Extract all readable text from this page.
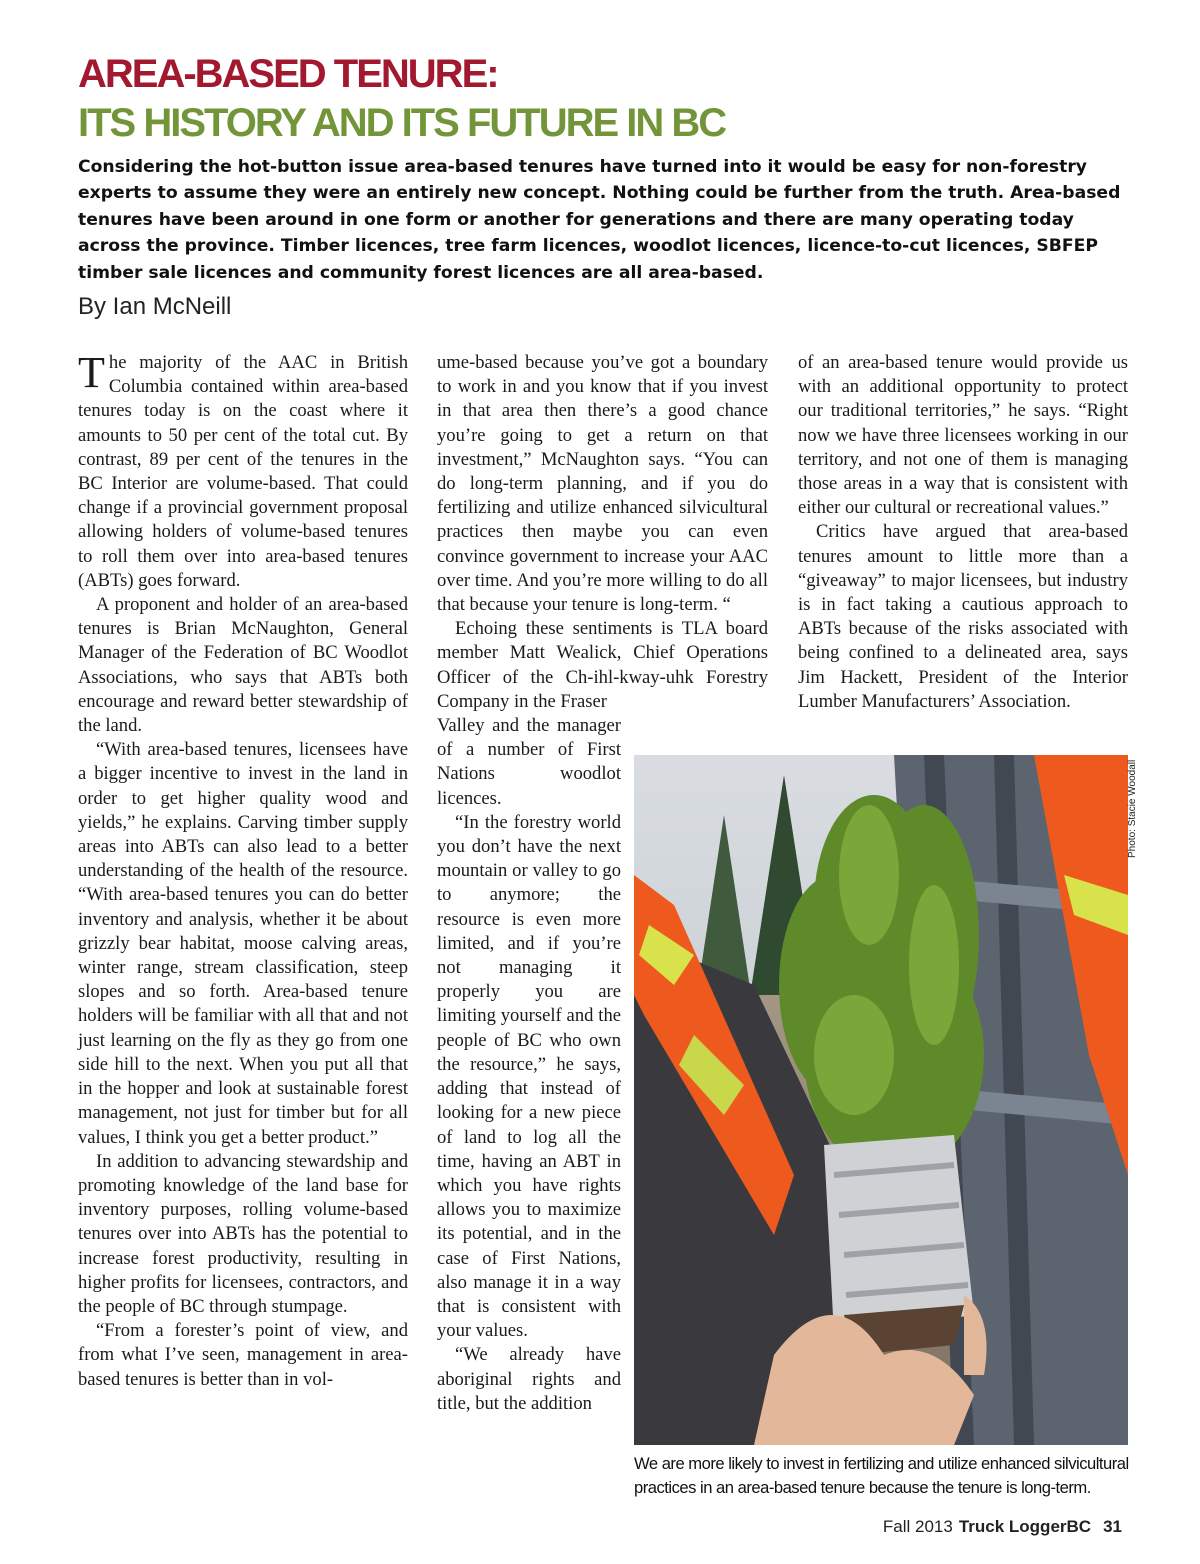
AREA-BASED TENURE:
ITS HISTORY AND ITS FUTURE IN BC

Considering the hot-button issue area-based tenures have turned into it would be easy for non-forestry experts to assume they were an entirely new concept. Nothing could be further from the truth. Area-based tenures have been around in one form or another for generations and there are many operating today across the province. Timber licences, tree farm licences, woodlot licences, licence-to-cut licences, SBFEP timber sale licences and community forest licences are all area-based.

By Ian McNeill

The majority of the AAC in British Columbia contained within area-based tenures today is on the coast where it amounts to 50 per cent of the total cut. By contrast, 89 per cent of the tenures in the BC Interior are volume-based. That could change if a provincial government proposal allowing holders of volume-based tenures to roll them over into area-based tenures (ABTs) goes forward.

A proponent and holder of an area-based tenures is Brian McNaughton, General Manager of the Federation of BC Woodlot Associations, who says that ABTs both encourage and reward better stewardship of the land.

“With area-based tenures, licensees have a bigger incentive to invest in the land in order to get higher quality wood and yields,” he explains. Carving timber supply areas into ABTs can also lead to a better understanding of the health of the resource. “With area-based tenures you can do better inventory and analysis, whether it be about grizzly bear habitat, moose calving areas, winter range, stream classification, steep slopes and so forth. Area-based tenure holders will be familiar with all that and not just learning on the fly as they go from one side hill to the next. When you put all that in the hopper and look at sustainable forest management, not just for timber but for all values, I think you get a better product.”

In addition to advancing stewardship and promoting knowledge of the land base for inventory purposes, rolling volume-based tenures over into ABTs has the potential to increase forest productivity, resulting in higher profits for licensees, contractors, and the people of BC through stumpage.

“From a forester’s point of view, and from what I’ve seen, management in area-based tenures is better than in vol-

ume-based because you’ve got a boundary to work in and you know that if you invest in that area then there’s a good chance you’re going to get a return on that investment,” McNaughton says. “You can do long-term planning, and if you do fertilizing and utilize enhanced silvicultural practices then maybe you can even convince government to increase your AAC over time. And you’re more willing to do all that because your tenure is long-term. “

Echoing these sentiments is TLA board member Matt Wealick, Chief Operations Officer of the Ch-ihl-kway-uhk Forestry Company in the Fraser

Valley and the manager of a number of First Nations woodlot licences.

“In the forestry world you don’t have the next mountain or valley to go to anymore; the resource is even more limited, and if you’re not managing it properly you are limiting yourself and the people of BC who own the resource,” he says, adding that instead of looking for a new piece of land to log all the time, having an ABT in which you have rights allows you to maximize its potential, and in the case of First Nations, also manage it in a way that is consistent with your values.

“We already have aboriginal rights and title, but the addition

of an area-based tenure would provide us with an additional opportunity to protect our traditional territories,” he says. “Right now we have three licensees working in our territory, and not one of them is managing those areas in a way that is consistent with either our cultural or recreational values.”

Critics have argued that area-based tenures amount to little more than a “giveaway” to major licensees, but industry is in fact taking a cautious approach to ABTs because of the risks associated with being confined to a delineated area, says Jim Hackett, President of the Interior Lumber Manufacturers’ Association.

Photo: Stacie Woodall

We are more likely to invest in fertilizing and utilize enhanced silvicultural practices in an area-based tenure because the tenure is long-term.

Fall 2013 Truck LoggerBC 31
